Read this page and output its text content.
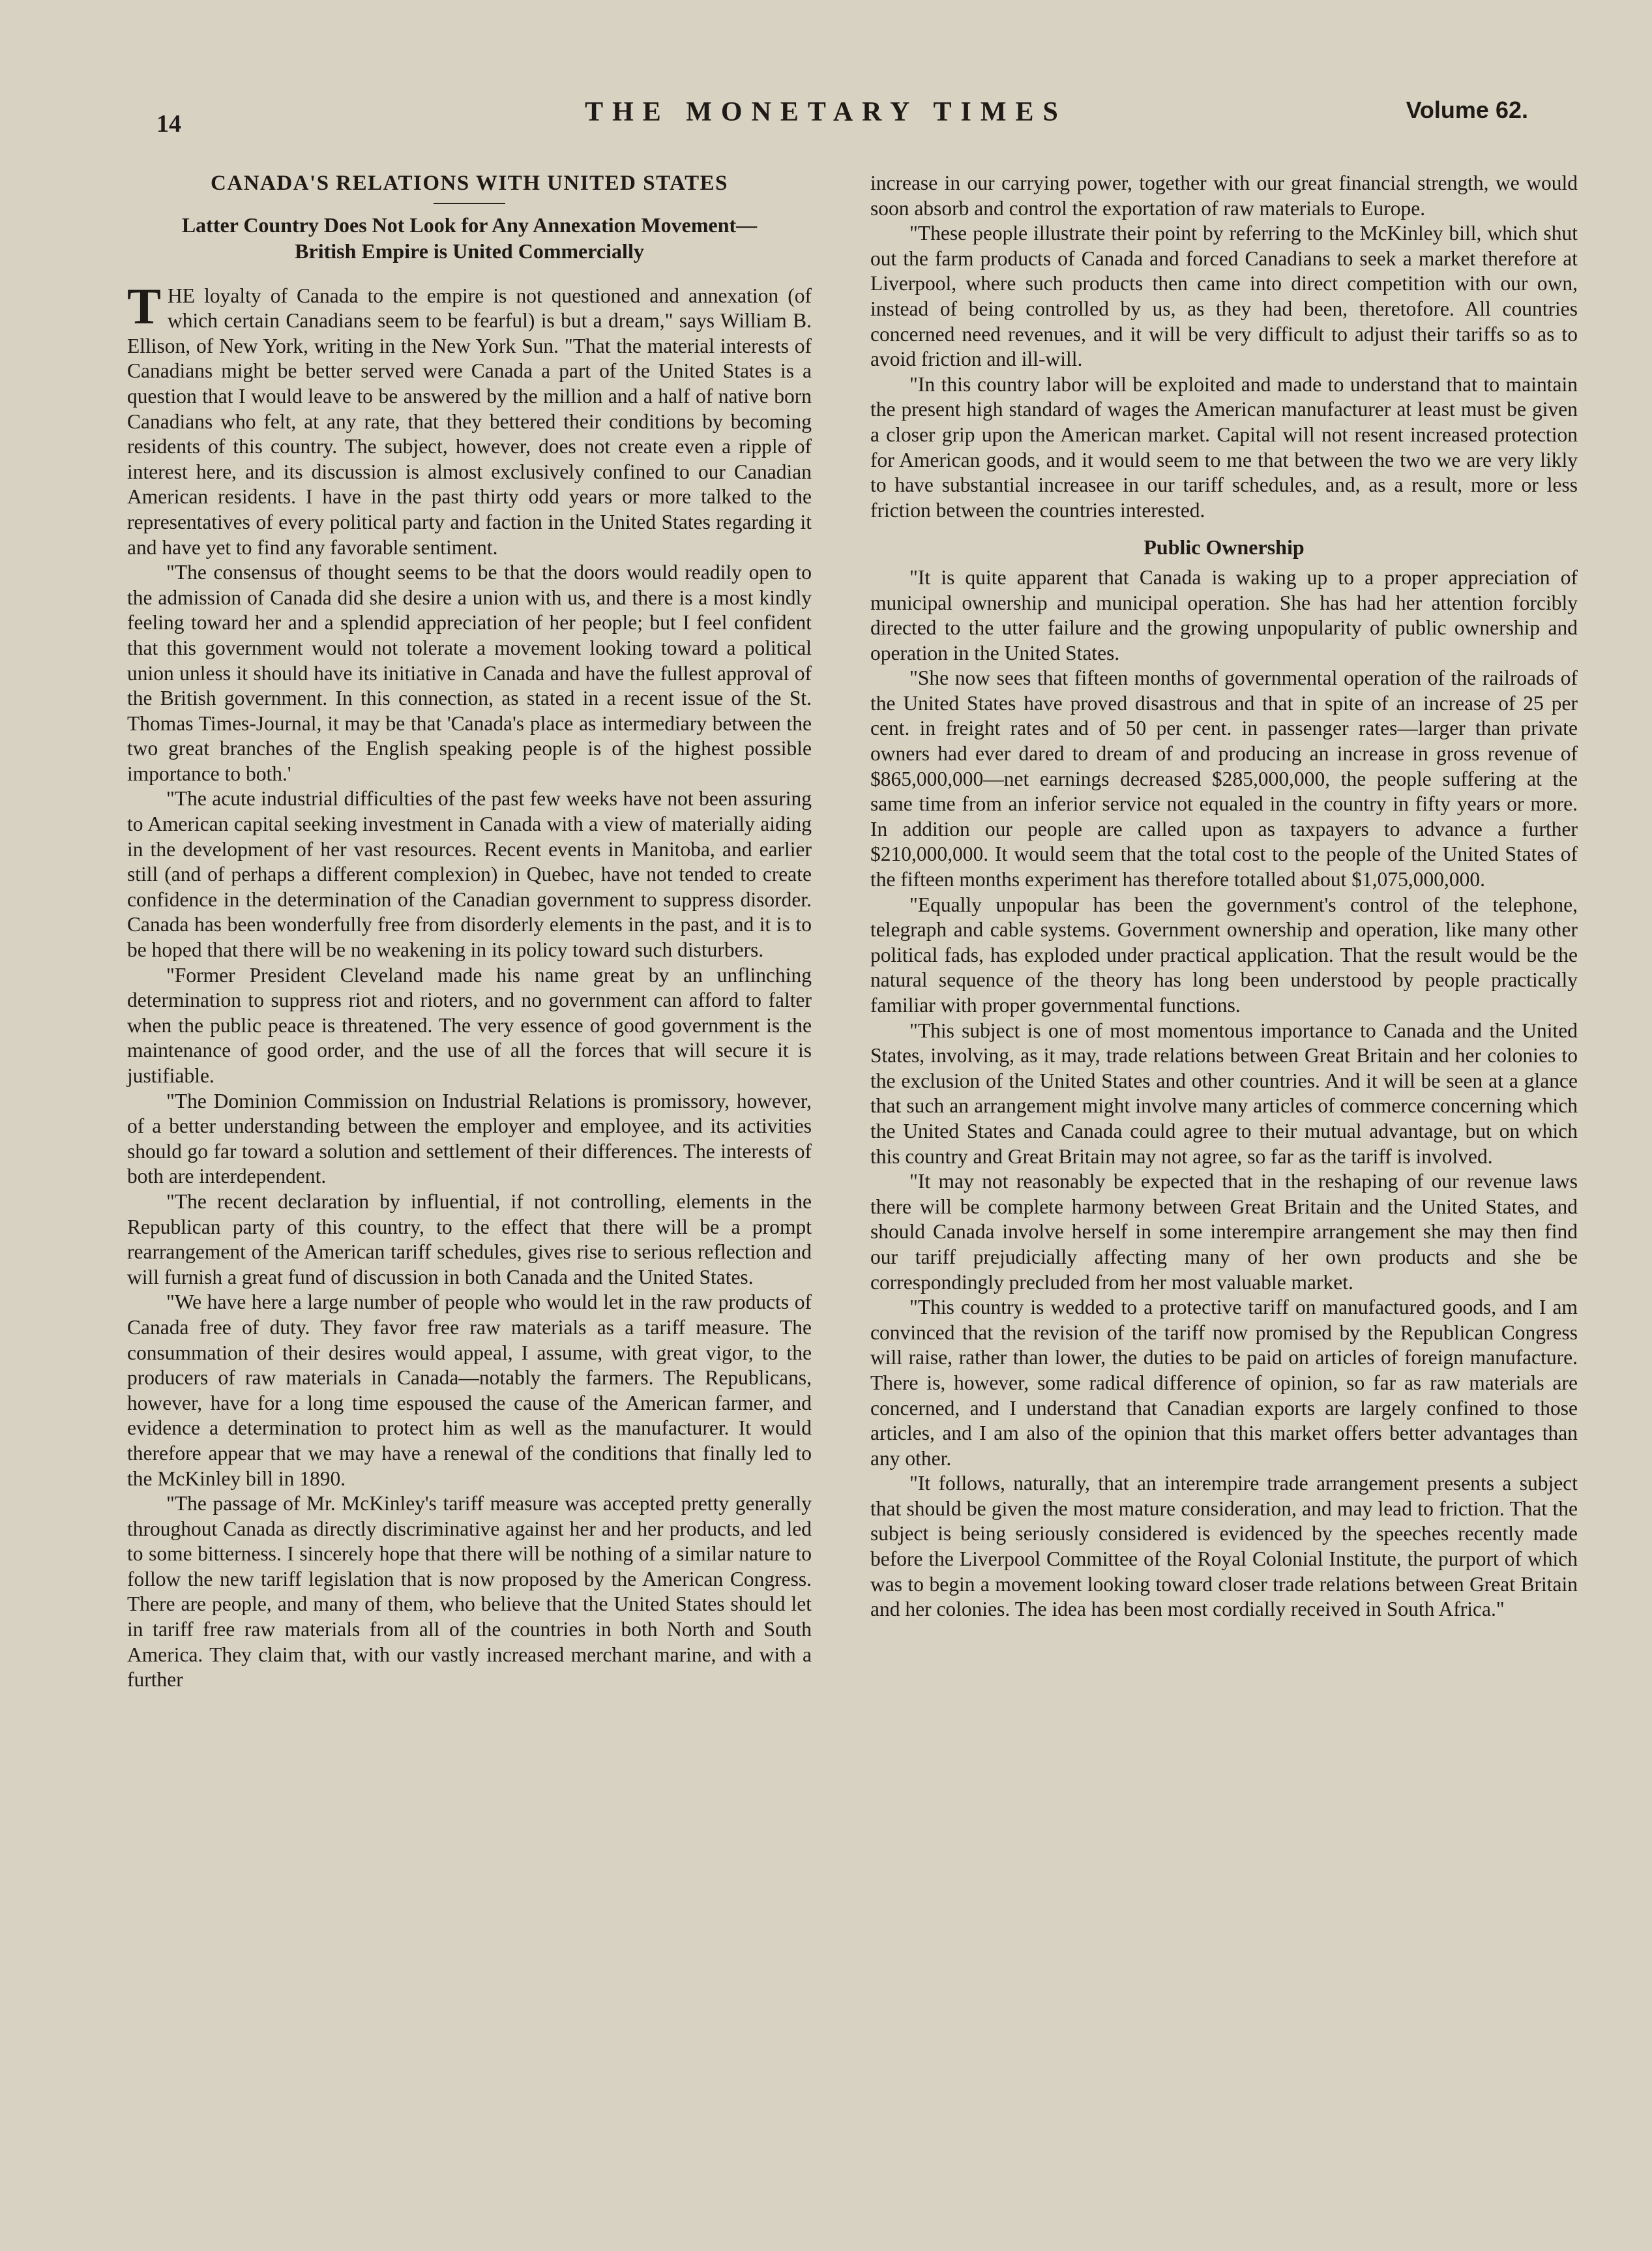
14	THE MONETARY TIMES	Volume 62.
CANADA'S RELATIONS WITH UNITED STATES
Latter Country Does Not Look for Any Annexation Movement—British Empire is United Commercially

THE loyalty of Canada to the empire is not questioned and annexation (of which certain Canadians seem to be fearful) is but a dream," says William B. Ellison, of New York, writing in the New York Sun. "That the material interests of Canadians might be better served were Canada a part of the United States is a question that I would leave to be answered by the million and a half of native born Canadians who felt, at any rate, that they bettered their conditions by becoming residents of this country. The subject, however, does not create even a ripple of interest here, and its discussion is almost exclusively confined to our Canadian American residents. I have in the past thirty odd years or more talked to the representatives of every political party and faction in the United States regarding it and have yet to find any favorable sentiment.

"The consensus of thought seems to be that the doors would readily open to the admission of Canada did she desire a union with us, and there is a most kindly feeling toward her and a splendid appreciation of her people; but I feel confident that this government would not tolerate a movement looking toward a political union unless it should have its initiative in Canada and have the fullest approval of the British government. In this connection, as stated in a recent issue of the St. Thomas Times-Journal, it may be that 'Canada's place as intermediary between the two great branches of the English speaking people is of the highest possible importance to both.'

"The acute industrial difficulties of the past few weeks have not been assuring to American capital seeking investment in Canada with a view of materially aiding in the development of her vast resources. Recent events in Manitoba, and earlier still (and of perhaps a different complexion) in Quebec, have not tended to create confidence in the determination of the Canadian government to suppress disorder. Canada has been wonderfully free from disorderly elements in the past, and it is to be hoped that there will be no weakening in its policy toward such disturbers.

"Former President Cleveland made his name great by an unflinching determination to suppress riot and rioters, and no government can afford to falter when the public peace is threatened. The very essence of good government is the maintenance of good order, and the use of all the forces that will secure it is justifiable.

"The Dominion Commission on Industrial Relations is promissory, however, of a better understanding between the employer and employee, and its activities should go far toward a solution and settlement of their differences. The interests of both are interdependent.

"The recent declaration by influential, if not controlling, elements in the Republican party of this country, to the effect that there will be a prompt rearrangement of the American tariff schedules, gives rise to serious reflection and will furnish a great fund of discussion in both Canada and the United States.

"We have here a large number of people who would let in the raw products of Canada free of duty. They favor free raw materials as a tariff measure. The consummation of their desires would appeal, I assume, with great vigor, to the producers of raw materials in Canada—notably the farmers. The Republicans, however, have for a long time espoused the cause of the American farmer, and evidence a determination to protect him as well as the manufacturer. It would therefore appear that we may have a renewal of the conditions that finally led to the McKinley bill in 1890.

"The passage of Mr. McKinley's tariff measure was accepted pretty generally throughout Canada as directly discriminative against her and her products, and led to some bitterness. I sincerely hope that there will be nothing of a similar nature to follow the new tariff legislation that is now proposed by the American Congress. There are people, and many of them, who believe that the United States should let in tariff free raw materials from all of the countries in both North and South America. They claim that, with our vastly increased merchant marine, and with a further

increase in our carrying power, together with our great financial strength, we would soon absorb and control the exportation of raw materials to Europe.

"These people illustrate their point by referring to the McKinley bill, which shut out the farm products of Canada and forced Canadians to seek a market therefore at Liverpool, where such products then came into direct competition with our own, instead of being controlled by us, as they had been, theretofore. All countries concerned need revenues, and it will be very difficult to adjust their tariffs so as to avoid friction and ill-will.

"In this country labor will be exploited and made to understand that to maintain the present high standard of wages the American manufacturer at least must be given a closer grip upon the American market. Capital will not resent increased protection for American goods, and it would seem to me that between the two we are very likly to have substantial increasee in our tariff schedules, and, as a result, more or less friction between the countries interested.

Public Ownership

"It is quite apparent that Canada is waking up to a proper appreciation of municipal ownership and municipal operation. She has had her attention forcibly directed to the utter failure and the growing unpopularity of public ownership and operation in the United States.

"She now sees that fifteen months of governmental operation of the railroads of the United States have proved disastrous and that in spite of an increase of 25 per cent. in freight rates and of 50 per cent. in passenger rates—larger than private owners had ever dared to dream of and producing an increase in gross revenue of $865,000,000—net earnings decreased $285,000,000, the people suffering at the same time from an inferior service not equaled in the country in fifty years or more. In addition our people are called upon as taxpayers to advance a further $210,000,000. It would seem that the total cost to the people of the United States of the fifteen months experiment has therefore totalled about $1,075,000,000.

"Equally unpopular has been the government's control of the telephone, telegraph and cable systems. Government ownership and operation, like many other political fads, has exploded under practical application. That the result would be the natural sequence of the theory has long been understood by people practically familiar with proper governmental functions.

"This subject is one of most momentous importance to Canada and the United States, involving, as it may, trade relations between Great Britain and her colonies to the exclusion of the United States and other countries. And it will be seen at a glance that such an arrangement might involve many articles of commerce concerning which the United States and Canada could agree to their mutual advantage, but on which this country and Great Britain may not agree, so far as the tariff is involved.

"It may not reasonably be expected that in the reshaping of our revenue laws there will be complete harmony between Great Britain and the United States, and should Canada involve herself in some interempire arrangement she may then find our tariff prejudicially affecting many of her own products and she be correspondingly precluded from her most valuable market.

"This country is wedded to a protective tariff on manufactured goods, and I am convinced that the revision of the tariff now promised by the Republican Congress will raise, rather than lower, the duties to be paid on articles of foreign manufacture. There is, however, some radical difference of opinion, so far as raw materials are concerned, and I understand that Canadian exports are largely confined to those articles, and I am also of the opinion that this market offers better advantages than any other.

"It follows, naturally, that an interempire trade arrangement presents a subject that should be given the most mature consideration, and may lead to friction. That the subject is being seriously considered is evidenced by the speeches recently made before the Liverpool Committee of the Royal Colonial Institute, the purport of which was to begin a movement looking toward closer trade relations between Great Britain and her colonies. The idea has been most cordially received in South Africa."
